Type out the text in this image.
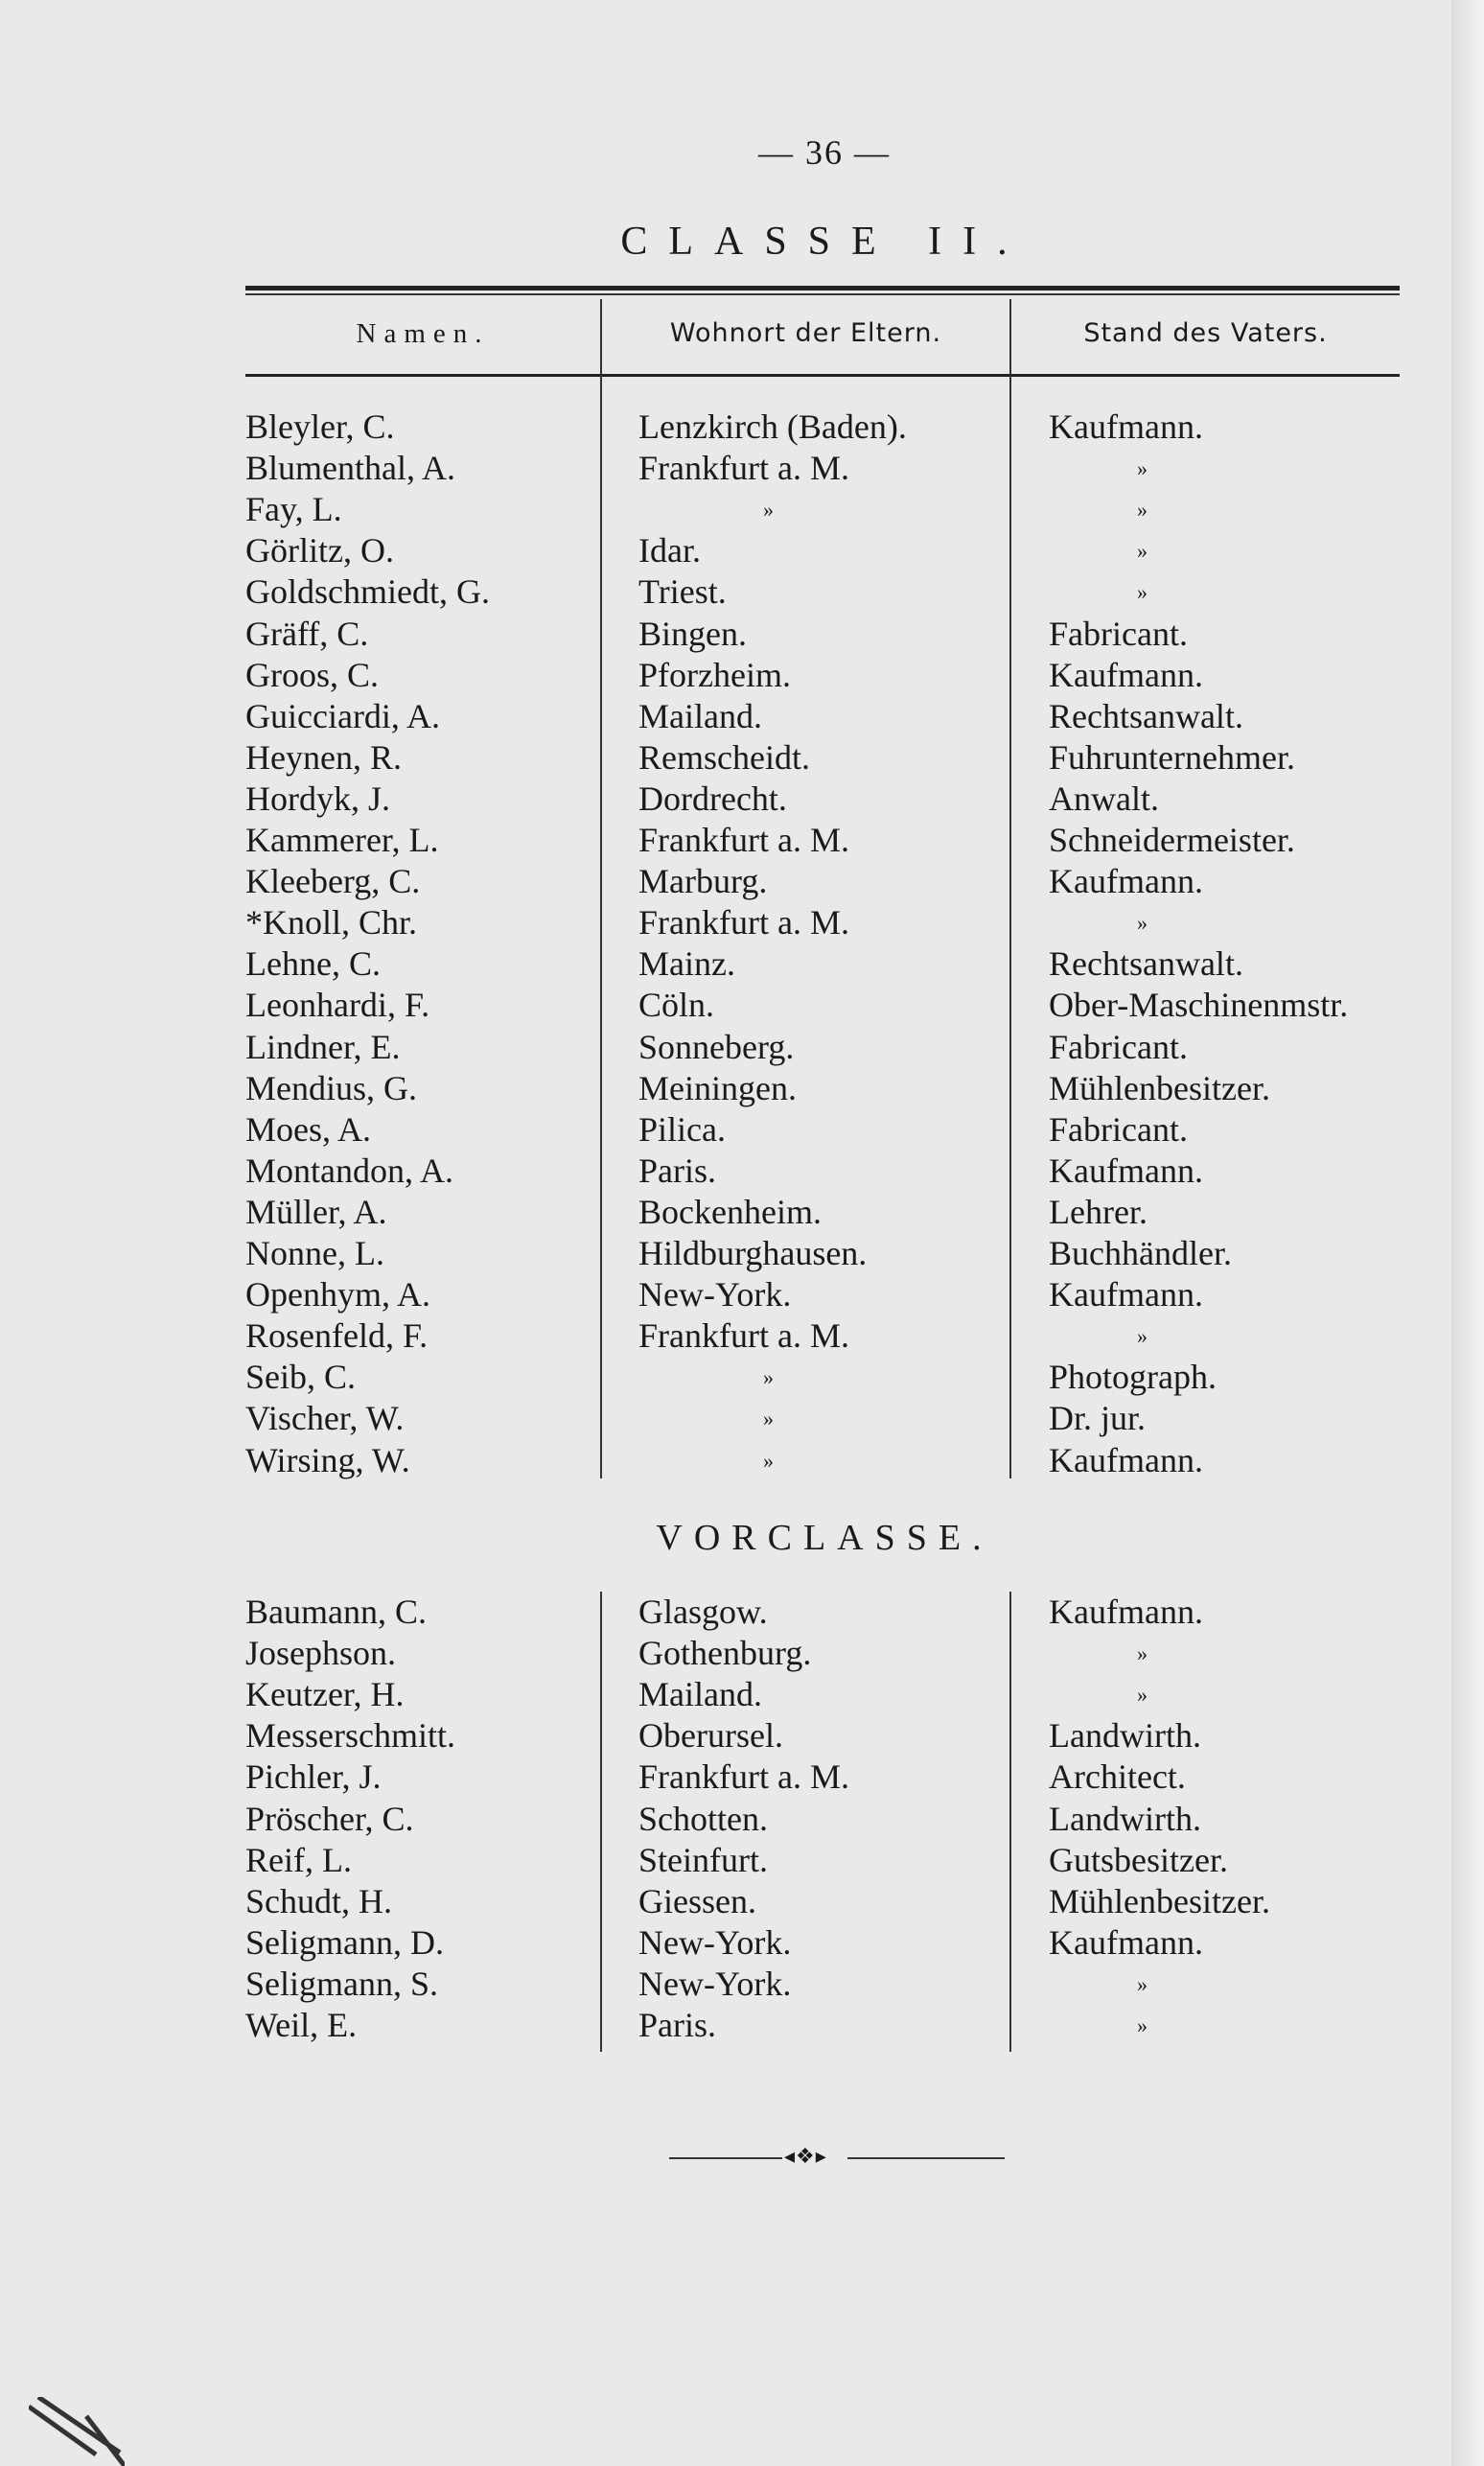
— 36 —
CLASSE II.
Namen.	Wohnort der Eltern.	Stand des Vaters.
Bleyler, C.	Lenzkirch (Baden).	Kaufmann.
Blumenthal, A.	Frankfurt a. M.	»
Fay, L.	»	»
Görlitz, O.	Idar.	»
Goldschmiedt, G.	Triest.	»
Gräff, C.	Bingen.	Fabricant.
Groos, C.	Pforzheim.	Kaufmann.
Guicciardi, A.	Mailand.	Rechtsanwalt.
Heynen, R.	Remscheidt.	Fuhrunternehmer.
Hordyk, J.	Dordrecht.	Anwalt.
Kammerer, L.	Frankfurt a. M.	Schneidermeister.
Kleeberg, C.	Marburg.	Kaufmann.
*Knoll, Chr.	Frankfurt a. M.	»
Lehne, C.	Mainz.	Rechtsanwalt.
Leonhardi, F.	Cöln.	Ober-Maschinenmstr.
Lindner, E.	Sonneberg.	Fabricant.
Mendius, G.	Meiningen.	Mühlenbesitzer.
Moes, A.	Pilica.	Fabricant.
Montandon, A.	Paris.	Kaufmann.
Müller, A.	Bockenheim.	Lehrer.
Nonne, L.	Hildburghausen.	Buchhändler.
Openhym, A.	New-York.	Kaufmann.
Rosenfeld, F.	Frankfurt a. M.	»
Seib, C.	»	Photograph.
Vischer, W.	»	Dr. jur.
Wirsing, W.	»	Kaufmann.
VORCLASSE.
Baumann, C.	Glasgow.	Kaufmann.
Josephson.	Gothenburg.	»
Keutzer, H.	Mailand.	»
Messerschmitt.	Oberursel.	Landwirth.
Pichler, J.	Frankfurt a. M.	Architect.
Pröscher, C.	Schotten.	Landwirth.
Reif, L.	Steinfurt.	Gutsbesitzer.
Schudt, H.	Giessen.	Mühlenbesitzer.
Seligmann, D.	New-York.	Kaufmann.
Seligmann, S.	New-York.	»
Weil, E.	Paris.	»
◂❖▸
